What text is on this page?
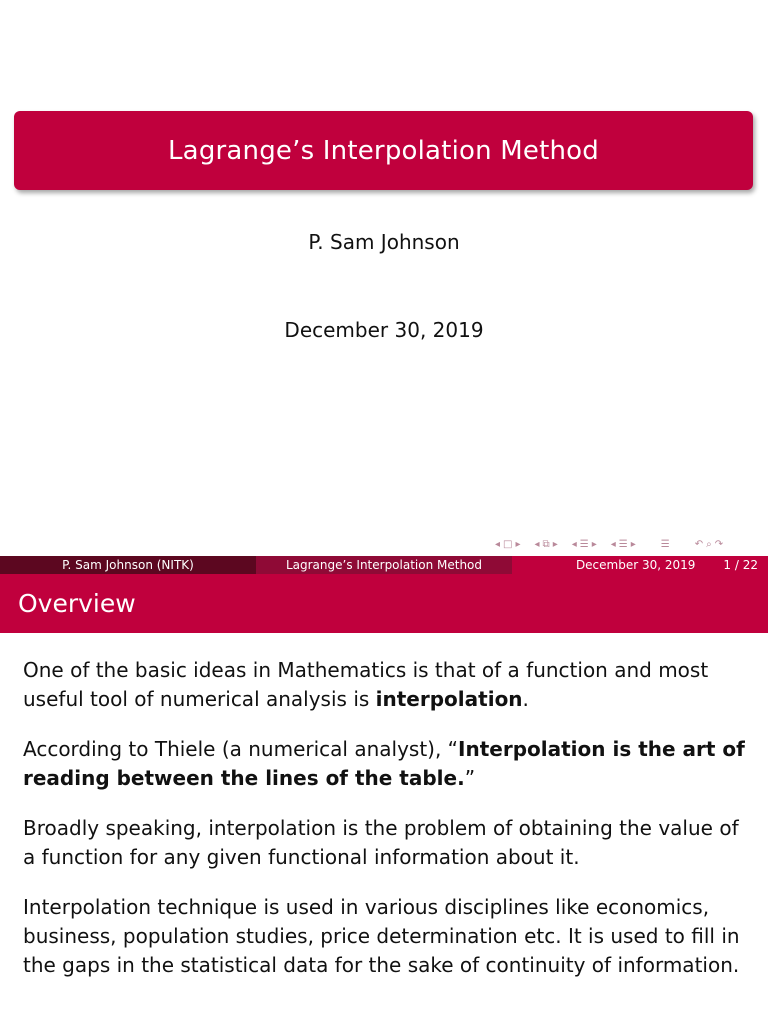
Lagrange’s Interpolation Method
P. Sam Johnson
December 30, 2019
◂ □ ▸ ◂ ⧉ ▸ ◂ ☰ ▸ ◂ ☰ ▸	☰	↶ ⌕ ↷
P. Sam Johnson (NITK)	Lagrange’s Interpolation Method	December 30, 2019 1 / 22
Overview

One of the basic ideas in Mathematics is that of a function and most useful tool of numerical analysis is interpolation.

According to Thiele (a numerical analyst), “Interpolation is the art of reading between the lines of the table.”

Broadly speaking, interpolation is the problem of obtaining the value of a function for any given functional information about it.

Interpolation technique is used in various disciplines like economics, business, population studies, price determination etc. It is used to fill in the gaps in the statistical data for the sake of continuity of information.
